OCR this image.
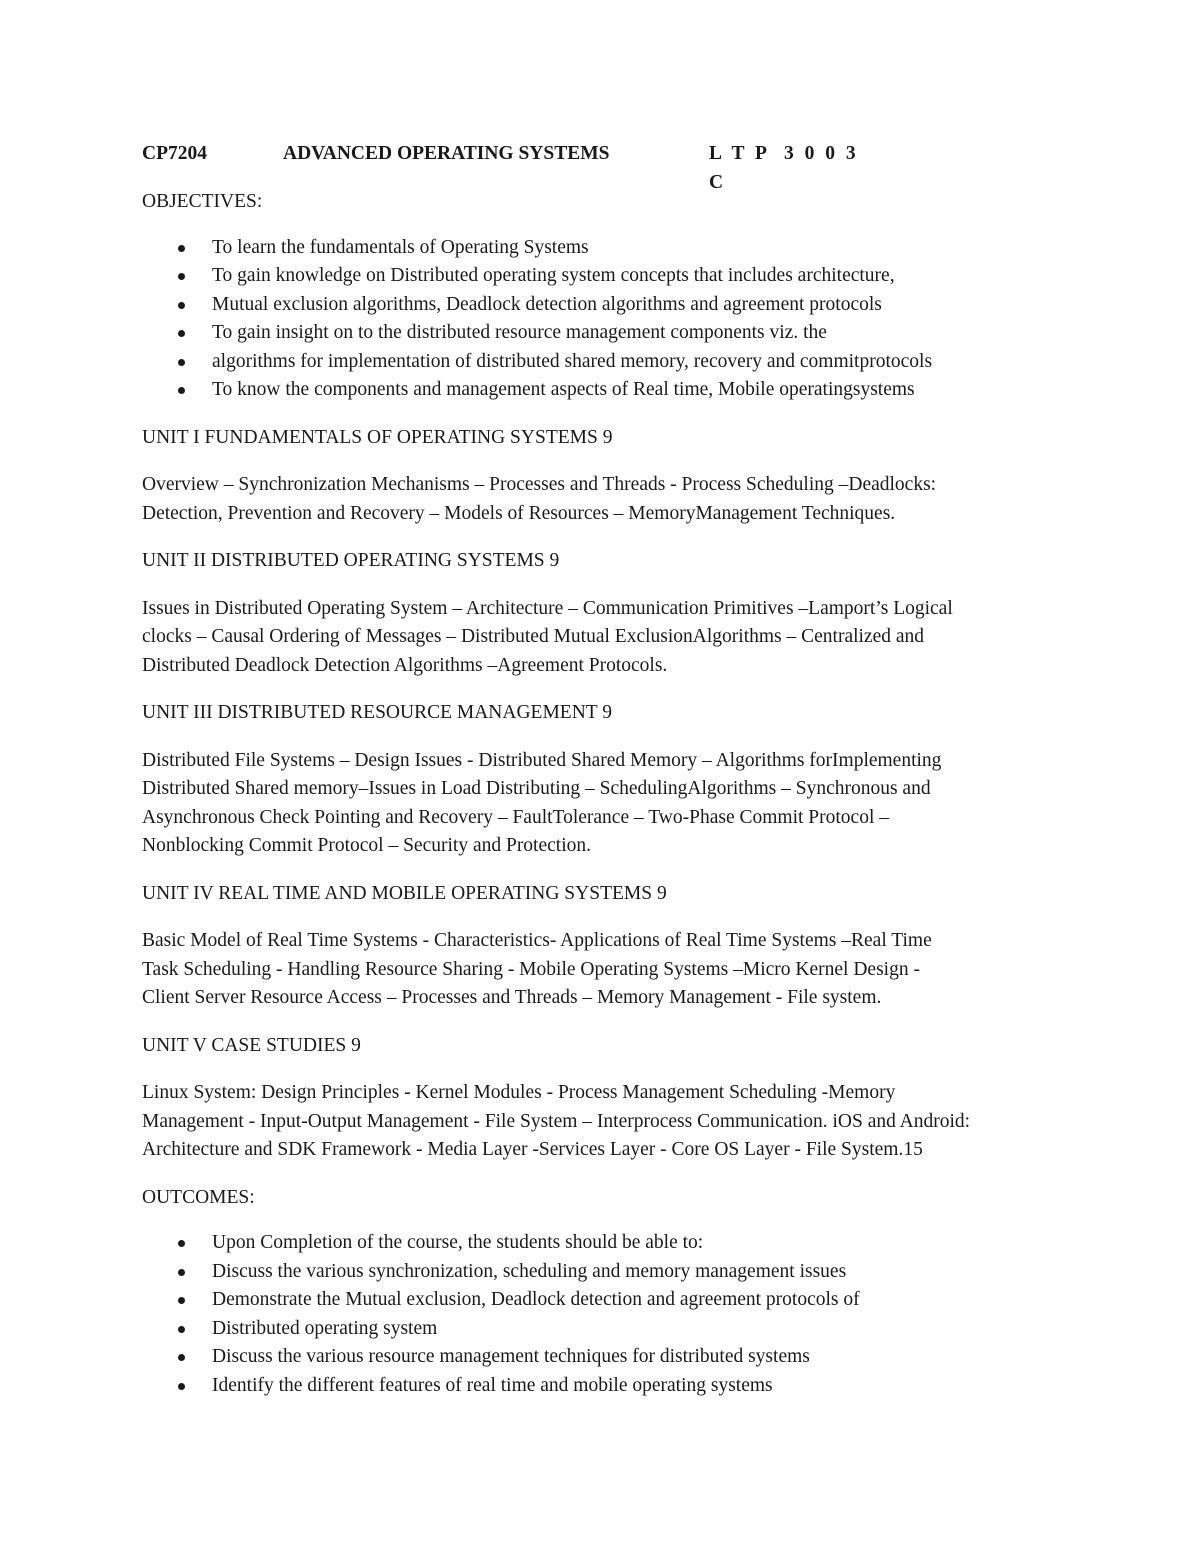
CP7204	ADVANCED OPERATING SYSTEMS	L T P C
3 0 0 3
OBJECTIVES:
To learn the fundamentals of Operating Systems
To gain knowledge on Distributed operating system concepts that includes architecture,
Mutual exclusion algorithms, Deadlock detection algorithms and agreement protocols
To gain insight on to the distributed resource management components viz. the
algorithms for implementation of distributed shared memory, recovery and commitprotocols
To know the components and management aspects of Real time, Mobile operatingsystems
UNIT I FUNDAMENTALS OF OPERATING SYSTEMS 9
Overview – Synchronization Mechanisms – Processes and Threads - Process Scheduling –Deadlocks:
Detection, Prevention and Recovery – Models of Resources – MemoryManagement Techniques.
UNIT II DISTRIBUTED OPERATING SYSTEMS 9
Issues in Distributed Operating System – Architecture – Communication Primitives –Lamport’s Logical
clocks – Causal Ordering of Messages – Distributed Mutual ExclusionAlgorithms – Centralized and
Distributed Deadlock Detection Algorithms –Agreement Protocols.
UNIT III DISTRIBUTED RESOURCE MANAGEMENT 9
Distributed File Systems – Design Issues - Distributed Shared Memory – Algorithms forImplementing
Distributed Shared memory–Issues in Load Distributing – SchedulingAlgorithms – Synchronous and
Asynchronous Check Pointing and Recovery – FaultTolerance – Two-Phase Commit Protocol –
Nonblocking Commit Protocol – Security and Protection.
UNIT IV REAL TIME AND MOBILE OPERATING SYSTEMS 9
Basic Model of Real Time Systems - Characteristics- Applications of Real Time Systems –Real Time
Task Scheduling - Handling Resource Sharing - Mobile Operating Systems –Micro Kernel Design -
Client Server Resource Access – Processes and Threads – Memory Management - File system.
UNIT V CASE STUDIES 9
Linux System: Design Principles - Kernel Modules - Process Management Scheduling -Memory
Management - Input-Output Management - File System – Interprocess Communication. iOS and Android:
Architecture and SDK Framework - Media Layer -Services Layer - Core OS Layer - File System.15
OUTCOMES:
Upon Completion of the course, the students should be able to:
Discuss the various synchronization, scheduling and memory management issues
Demonstrate the Mutual exclusion, Deadlock detection and agreement protocols of
Distributed operating system
Discuss the various resource management techniques for distributed systems
Identify the different features of real time and mobile operating systems
